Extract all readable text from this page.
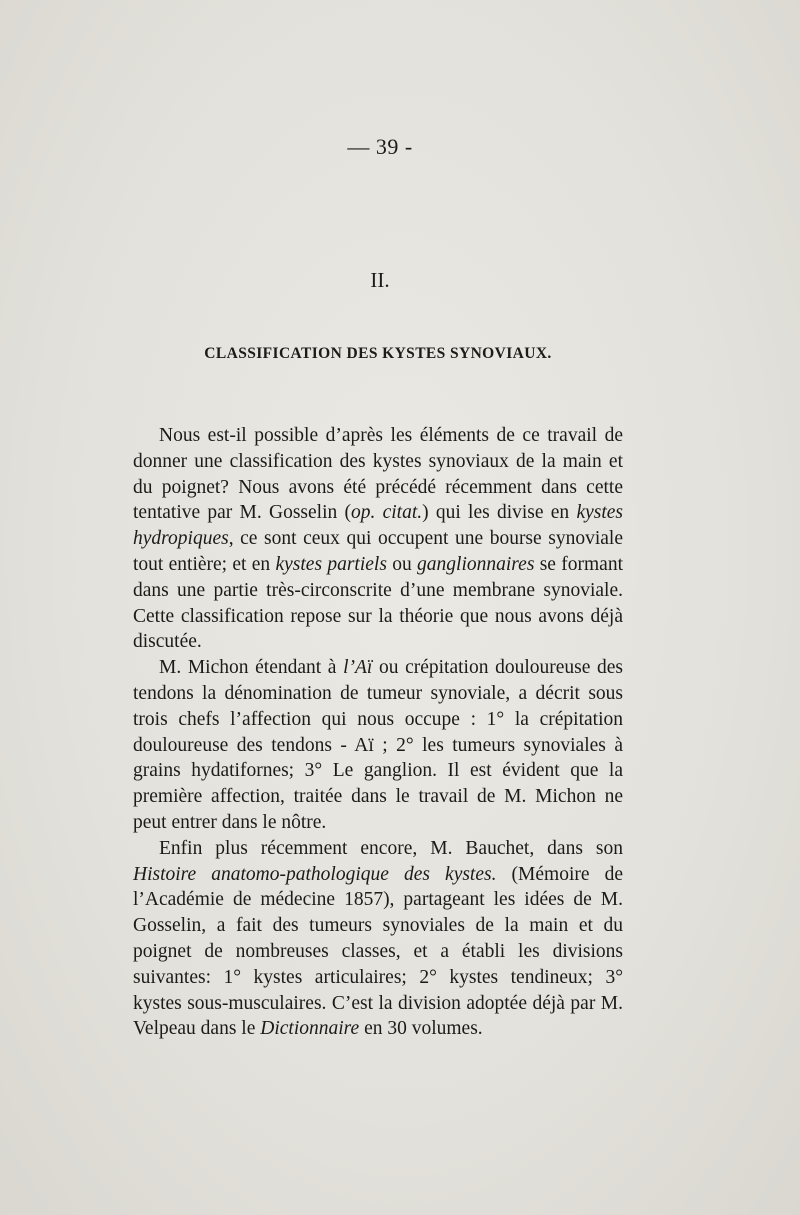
— 39 -
II.
CLASSIFICATION DES KYSTES SYNOVIAUX.

Nous est-il possible d’après les éléments de ce travail de donner une classification des kystes synoviaux de la main et du poignet? Nous avons été précédé récemment dans cette tentative par M. Gosselin (op. citat.) qui les divise en kystes hydropiques, ce sont ceux qui occupent une bourse synoviale tout entière; et en kystes partiels ou ganglionnaires se formant dans une partie très-circonscrite d’une membrane synoviale. Cette classification repose sur la théorie que nous avons déjà discutée.

M. Michon étendant à l’Aï ou crépitation douloureuse des tendons la dénomination de tumeur synoviale, a décrit sous trois chefs l’affection qui nous occupe : 1° la crépitation douloureuse des tendons - Aï ; 2° les tumeurs synoviales à grains hydatifornes; 3° Le ganglion. Il est évident que la première affection, traitée dans le travail de M. Michon ne peut entrer dans le nôtre.

Enfin plus récemment encore, M. Bauchet, dans son Histoire anatomo-pathologique des kystes. (Mémoire de l’Académie de médecine 1857), partageant les idées de M. Gosselin, a fait des tumeurs synoviales de la main et du poignet de nombreuses classes, et a établi les divisions suivantes: 1° kystes articulaires; 2° kystes tendineux; 3° kystes sous-musculaires. C’est la division adoptée déjà par M. Velpeau dans le Dictionnaire en 30 volumes.
